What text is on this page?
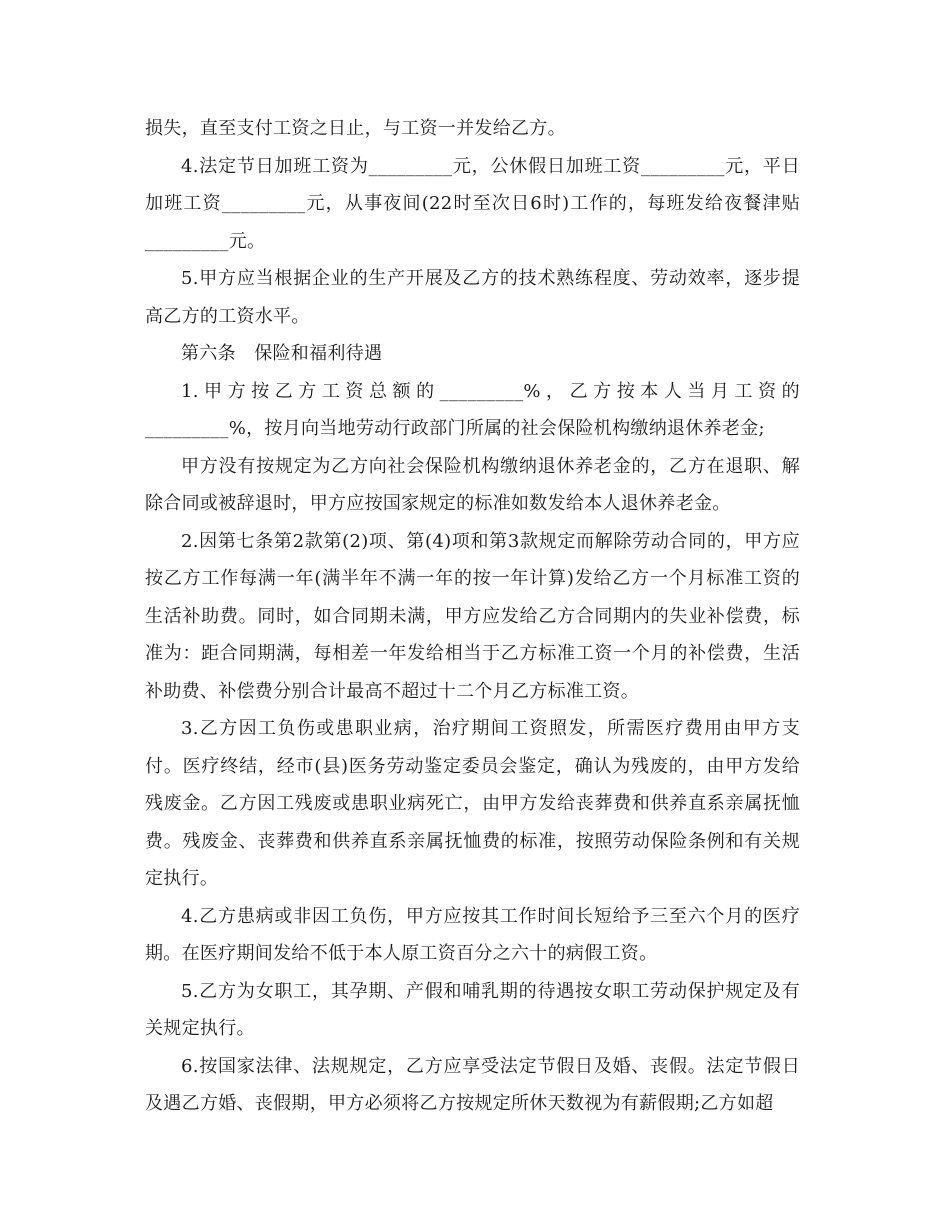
损失，直至支付工资之日止，与工资一并发给乙方。

4.法定节日加班工资为_________元，公休假日加班工资_________元，平日加班工资_________元，从事夜间(22时至次日6时)工作的，每班发给夜餐津贴_________元。

5.甲方应当根据企业的生产开展及乙方的技术熟练程度、劳动效率，逐步提高乙方的工资水平。

第六条　保险和福利待遇

1.甲方按乙方工资总额的_________%，乙方按本人当月工资的_________%，按月向当地劳动行政部门所属的社会保险机构缴纳退休养老金;

甲方没有按规定为乙方向社会保险机构缴纳退休养老金的，乙方在退职、解除合同或被辞退时，甲方应按国家规定的标准如数发给本人退休养老金。

2.因第七条第2款第(2)项、第(4)项和第3款规定而解除劳动合同的，甲方应按乙方工作每满一年(满半年不满一年的按一年计算)发给乙方一个月标准工资的生活补助费。同时，如合同期未满，甲方应发给乙方合同期内的失业补偿费，标准为：距合同期满，每相差一年发给相当于乙方标准工资一个月的补偿费，生活补助费、补偿费分别合计最高不超过十二个月乙方标准工资。

3.乙方因工负伤或患职业病，治疗期间工资照发，所需医疗费用由甲方支付。医疗终结，经市(县)医务劳动鉴定委员会鉴定，确认为残废的，由甲方发给残废金。乙方因工残废或患职业病死亡，由甲方发给丧葬费和供养直系亲属抚恤费。残废金、丧葬费和供养直系亲属抚恤费的标准，按照劳动保险条例和有关规定执行。

4.乙方患病或非因工负伤，甲方应按其工作时间长短给予三至六个月的医疗期。在医疗期间发给不低于本人原工资百分之六十的病假工资。

5.乙方为女职工，其孕期、产假和哺乳期的待遇按女职工劳动保护规定及有关规定执行。

6.按国家法律、法规规定，乙方应享受法定节假日及婚、丧假。法定节假日及遇乙方婚、丧假期，甲方必须将乙方按规定所休天数视为有薪假期;乙方如超
